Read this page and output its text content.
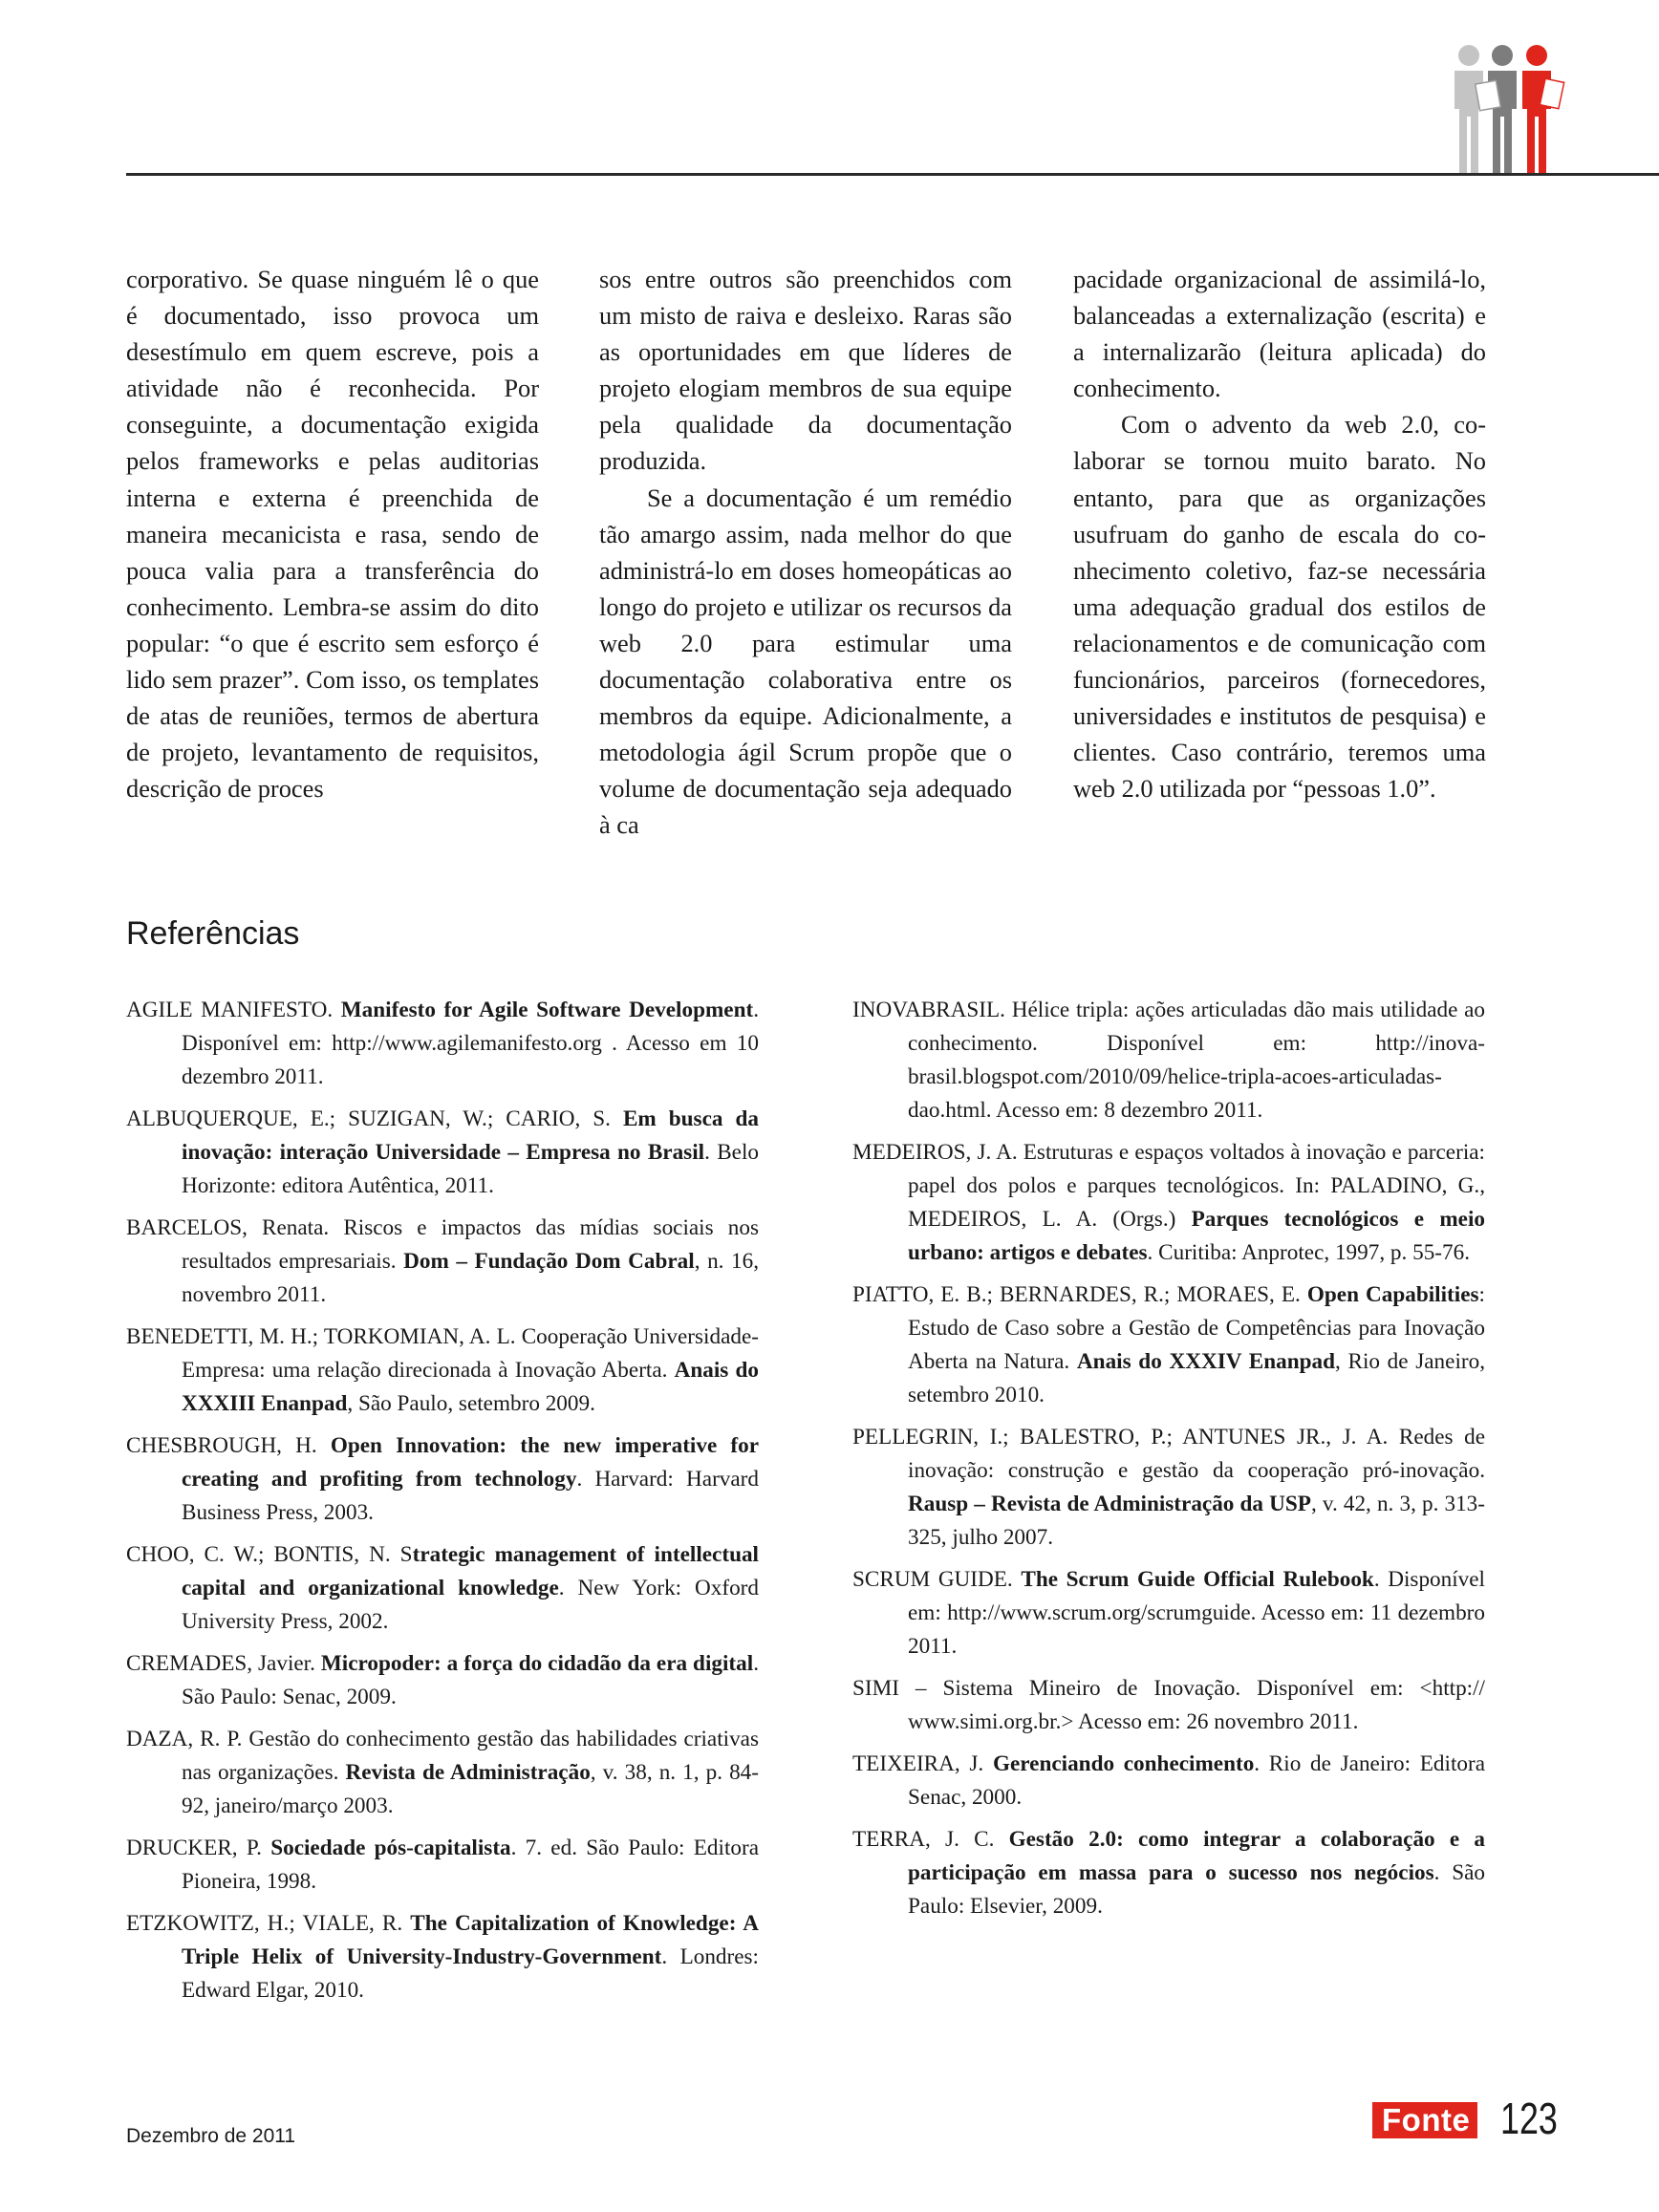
corporativo. Se quase ninguém lê o que é documentado, isso provoca um desestímulo em quem escreve, pois a atividade não é reconhecida. Por conseguinte, a documentação exigida pelos frameworks e pelas auditorias interna e externa é preenchida de maneira mecanicista e rasa, sendo de pouca valia para a transferência do conhecimento. Lembra-se assim do dito popular: “o que é escrito sem esforço é lido sem prazer”. Com isso, os templates de atas de reuniões, termos de abertura de projeto, levantamento de requisitos, descrição de proces

sos entre outros são preenchidos com um misto de raiva e desleixo. Raras são as oportunidades em que líderes de projeto elogiam membros de sua equipe pela qualidade da documentação produzida.

Se a documentação é um remédio tão amargo assim, nada melhor do que administrá-lo em doses homeopáticas ao longo do projeto e utilizar os recursos da web 2.0 para estimular uma documentação colaborativa entre os membros da equipe. Adicionalmente, a metodologia ágil Scrum propõe que o volume de documentação seja adequado à ca

pacidade organizacional de assimilá-lo, balanceadas a externalização (escrita) e a internalizarão (leitura aplicada) do conhecimento.

Com o advento da web 2.0, colaborar se tornou muito barato. No entanto, para que as organizações usufruam do ganho de escala do conhecimento coletivo, faz-se necessária uma adequação gradual dos estilos de relacionamentos e de comunicação com funcionários, parceiros (fornecedores, universidades e institutos de pesquisa) e clientes. Caso contrário, teremos uma web 2.0 utilizada por “pessoas 1.0”.

Referências

AGILE MANIFESTO. Manifesto for Agile Software Development. Disponível em: http://www.agilemanifesto.org . Acesso em 10 dezembro 2011.

ALBUQUERQUE, E.; SUZIGAN, W.; CARIO, S. Em busca da inovação: interação Universidade – Empresa no Brasil. Belo Horizonte: editora Autêntica, 2011.

BARCELOS, Renata. Riscos e impactos das mídias sociais nos resultados empresariais. Dom – Fundação Dom Cabral, n. 16, novembro 2011.

BENEDETTI, M. H.; TORKOMIAN, A. L. Cooperação Universidade-Empresa: uma relação direcionada à Inovação Aberta. Anais do XXXIII Enanpad, São Paulo, setembro 2009.

CHESBROUGH, H. Open Innovation: the new imperative for creating and profiting from technology. Harvard: Harvard Business Press, 2003.

CHOO, C. W.; BONTIS, N. Strategic management of intellectual capital and organizational knowledge. New York: Oxford University Press, 2002.

CREMADES, Javier. Micropoder: a força do cidadão da era digital. São Paulo: Senac, 2009.

DAZA, R. P. Gestão do conhecimento gestão das habilidades criativas nas organizações. Revista de Administração, v. 38, n. 1, p. 84-92, janeiro/março 2003.

DRUCKER, P. Sociedade pós-capitalista. 7. ed. São Paulo: Editora Pioneira, 1998.

ETZKOWITZ, H.; VIALE, R. The Capitalization of Knowledge: A Triple Helix of University-Industry-Government. Londres: Edward Elgar, 2010.

INOVABRASIL. Hélice tripla: ações articuladas dão mais utilidade ao conhecimento. Disponível em: http://inovabrasil.blogspot.com/2010/09/helice-tripla-acoes-articuladas-dao.html. Acesso em: 8 dezembro 2011.

MEDEIROS, J. A. Estruturas e espaços voltados à inovação e parceria: papel dos polos e parques tecnológicos. In: PALADINO, G., MEDEIROS, L. A. (Orgs.) Parques tecnológicos e meio urbano: artigos e debates. Curitiba: Anprotec, 1997, p. 55-76.

PIATTO, E. B.; BERNARDES, R.; MORAES, E. Open Capabilities: Estudo de Caso sobre a Gestão de Competências para Inovação Aberta na Natura. Anais do XXXIV Enanpad, Rio de Janeiro, setembro 2010.

PELLEGRIN, I.; BALESTRO, P.; ANTUNES JR., J. A. Redes de inovação: construção e gestão da cooperação pró-inovação. Rausp – Revista de Administração da USP, v. 42, n. 3, p. 313-325, julho 2007.

SCRUM GUIDE. The Scrum Guide Official Rulebook. Disponível em: http://www.scrum.org/scrumguide. Acesso em: 11 dezembro 2011.

SIMI – Sistema Mineiro de Inovação. Disponível em: <http:// www.simi.org.br.> Acesso em: 26 novembro 2011.

TEIXEIRA, J. Gerenciando conhecimento. Rio de Janeiro: Editora Senac, 2000.

TERRA, J. C. Gestão 2.0: como integrar a colaboração e a participação em massa para o sucesso nos negócios. São Paulo: Elsevier, 2009.

Dezembro de 2011	Fonte 123
